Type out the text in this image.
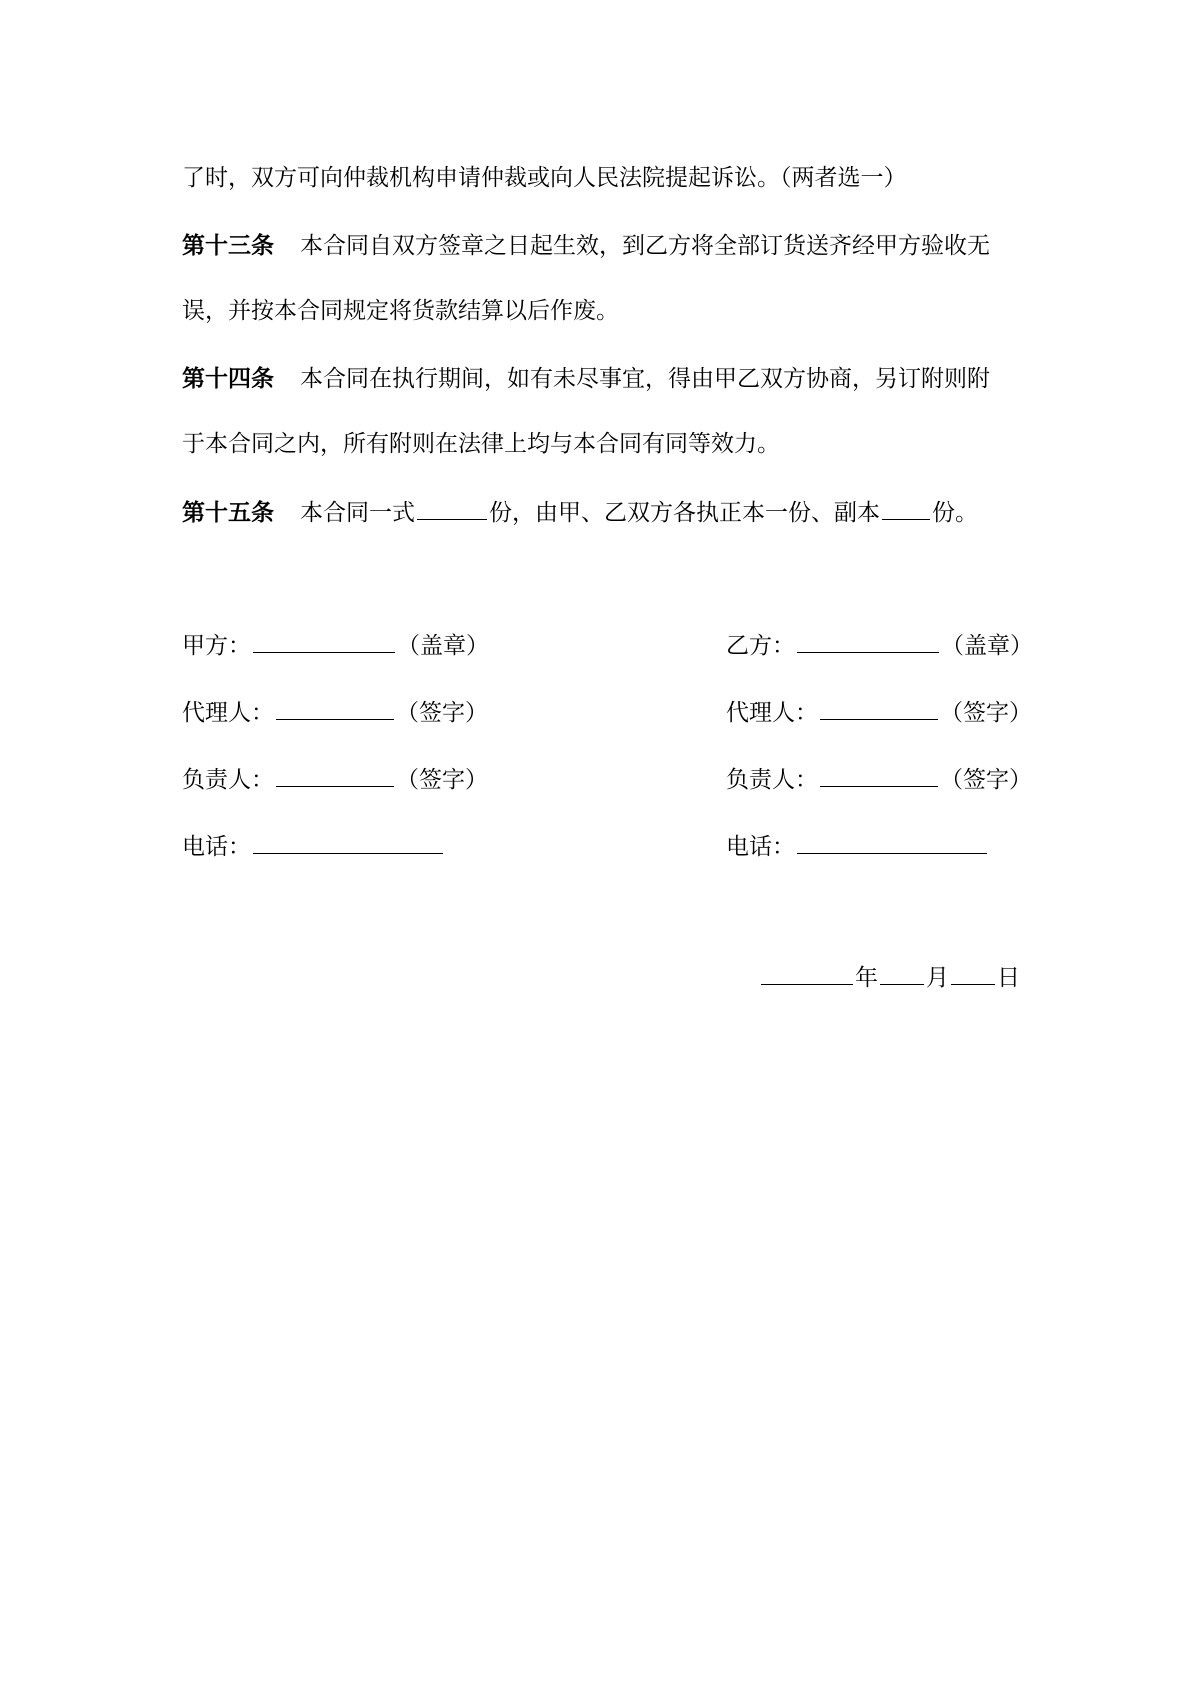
了时，双方可向仲裁机构申请仲裁或向人民法院提起诉讼。（两者选一）
第十三条 本合同自双方签章之日起生效，到乙方将全部订货送齐经甲方验收无
误，并按本合同规定将货款结算以后作废。
第十四条 本合同在执行期间，如有未尽事宜，得由甲乙双方协商，另订附则附
于本合同之内，所有附则在法律上均与本合同有同等效力。
第十五条 本合同一式	份，由甲、乙双方各执正本一份、副本 份。
甲方：	（盖章）
代理人：	（签字）
负责人：	（签字）
电话：
乙方：	（盖章）
代理人：	（签字）
负责人：	（签字）
电话：
年 月 日
